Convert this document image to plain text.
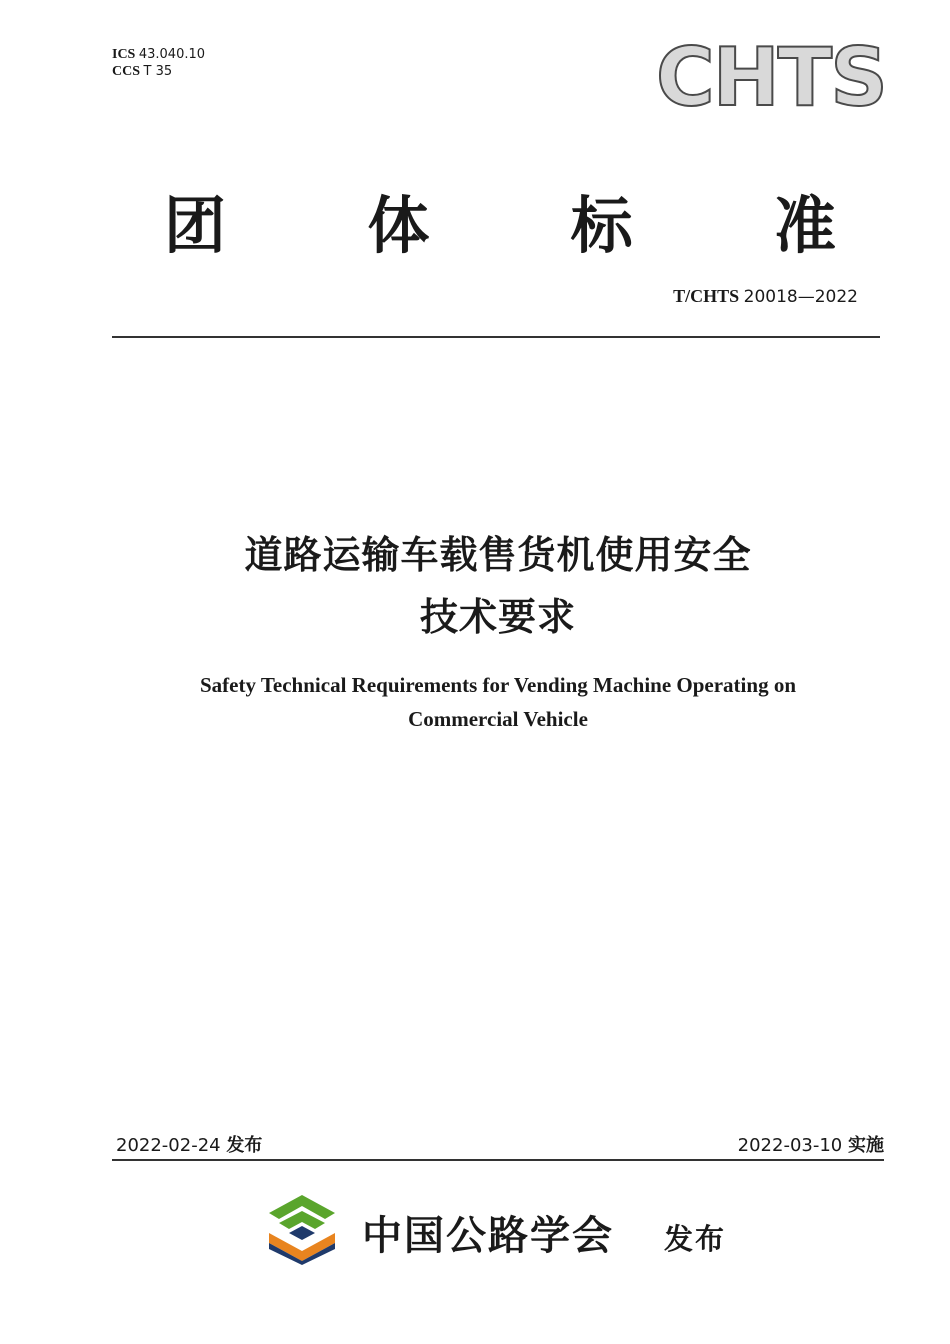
ICS 43.040.10
CCS T 35	CHTS
团 体 标 准
T/CHTS 20018—2022
道路运输车载售货机使用安全
技术要求
Safety Technical Requirements for Vending Machine Operating on
Commercial Vehicle
2022-02-24 发布	2022-03-10 实施
中国公路学会 发布
